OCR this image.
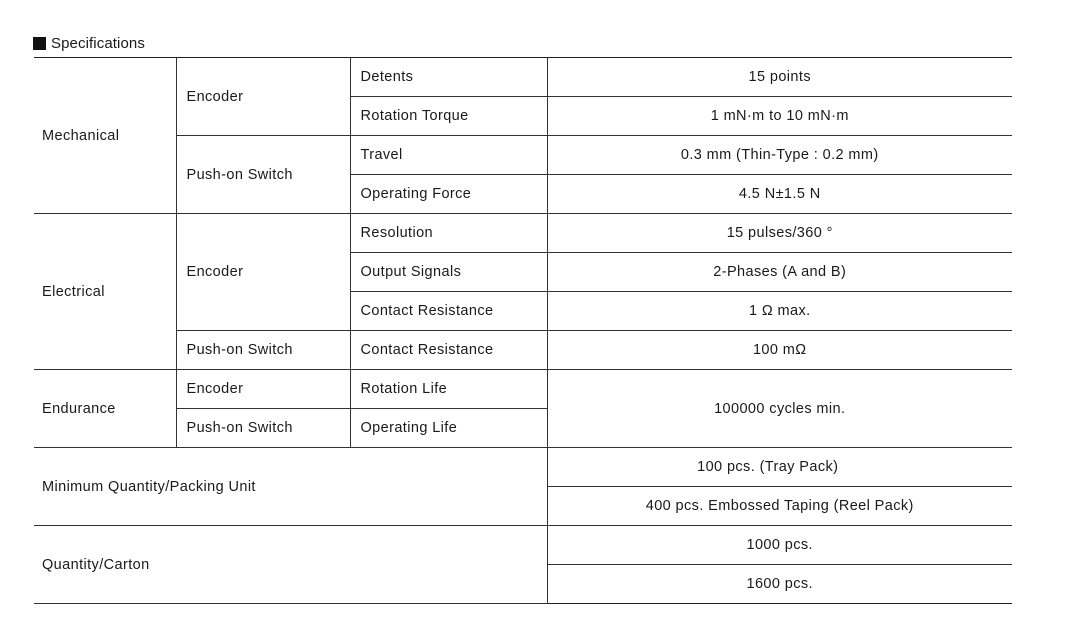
Specifications
Mechanical	Encoder	Detents	15 points
		Rotation Torque	1 mN·m to 10 mN·m
	Push-on Switch	Travel	0.3 mm (Thin-Type : 0.2 mm)
		Operating Force	4.5 N±1.5 N
Electrical	Encoder	Resolution	15 pulses/360 °
		Output Signals	2-Phases (A and B)
		Contact Resistance	1 Ω max.
	Push-on Switch	Contact Resistance	100 mΩ
Endurance	Encoder	Rotation Life	100000 cycles min.
	Push-on Switch	Operating Life	
Minimum Quantity/Packing Unit			100 pcs. (Tray Pack)
			400 pcs. Embossed Taping (Reel Pack)
Quantity/Carton			1000 pcs.
			1600 pcs.
